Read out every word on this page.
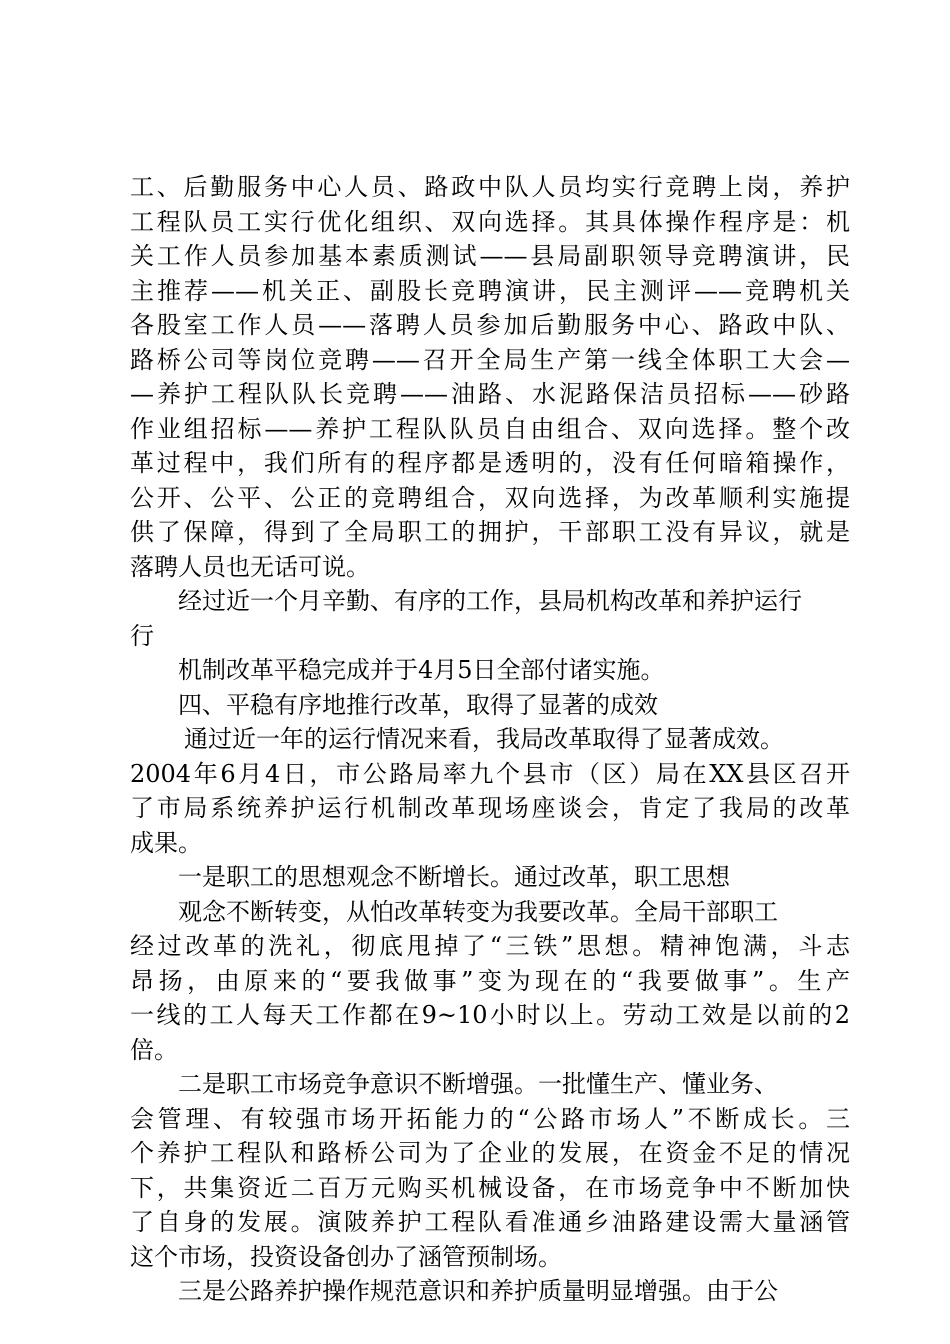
工、后勤服务中心人员、路政中队人员均实行竞聘上岗，养护
工程队员工实行优化组织、双向选择。其具体操作程序是：机
关工作人员参加基本素质测试——县局副职领导竞聘演讲，民
主推荐——机关正、副股长竞聘演讲，民主测评——竞聘机关
各股室工作人员——落聘人员参加后勤服务中心、路政中队、
路桥公司等岗位竞聘——召开全局生产第一线全体职工大会—
—养护工程队队长竞聘——油路、水泥路保洁员招标——砂路
作业组招标——养护工程队队员自由组合、双向选择。整个改
革过程中，我们所有的程序都是透明的，没有任何暗箱操作，
公开、公平、公正的竞聘组合，双向选择，为改革顺利实施提
供了保障，得到了全局职工的拥护，干部职工没有异议，就是
落聘人员也无话可说。
经过近一个月辛勤、有序的工作，县局机构改革和养护运行
行
机制改革平稳完成并于4月5日全部付诸实施。
四、平稳有序地推行改革，取得了显著的成效
通过近一年的运行情况来看，我局改革取得了显著成效。
2004年6月4日，市公路局率九个县市（区）局在XX县区召开
了市局系统养护运行机制改革现场座谈会，肯定了我局的改革
成果。
一是职工的思想观念不断增长。通过改革，职工思想
观念不断转变，从怕改革转变为我要改革。全局干部职工
经过改革的洗礼，彻底甩掉了“三铁”思想。精神饱满，斗志
昂扬，由原来的“要我做事”变为现在的“我要做事”。生产
一线的工人每天工作都在9~10小时以上。劳动工效是以前的2
倍。
二是职工市场竞争意识不断增强。一批懂生产、懂业务、
会管理、有较强市场开拓能力的“公路市场人”不断成长。三
个养护工程队和路桥公司为了企业的发展，在资金不足的情况
下，共集资近二百万元购买机械设备，在市场竞争中不断加快
了自身的发展。演陂养护工程队看准通乡油路建设需大量涵管
这个市场，投资设备创办了涵管预制场。
三是公路养护操作规范意识和养护质量明显增强。由于公
